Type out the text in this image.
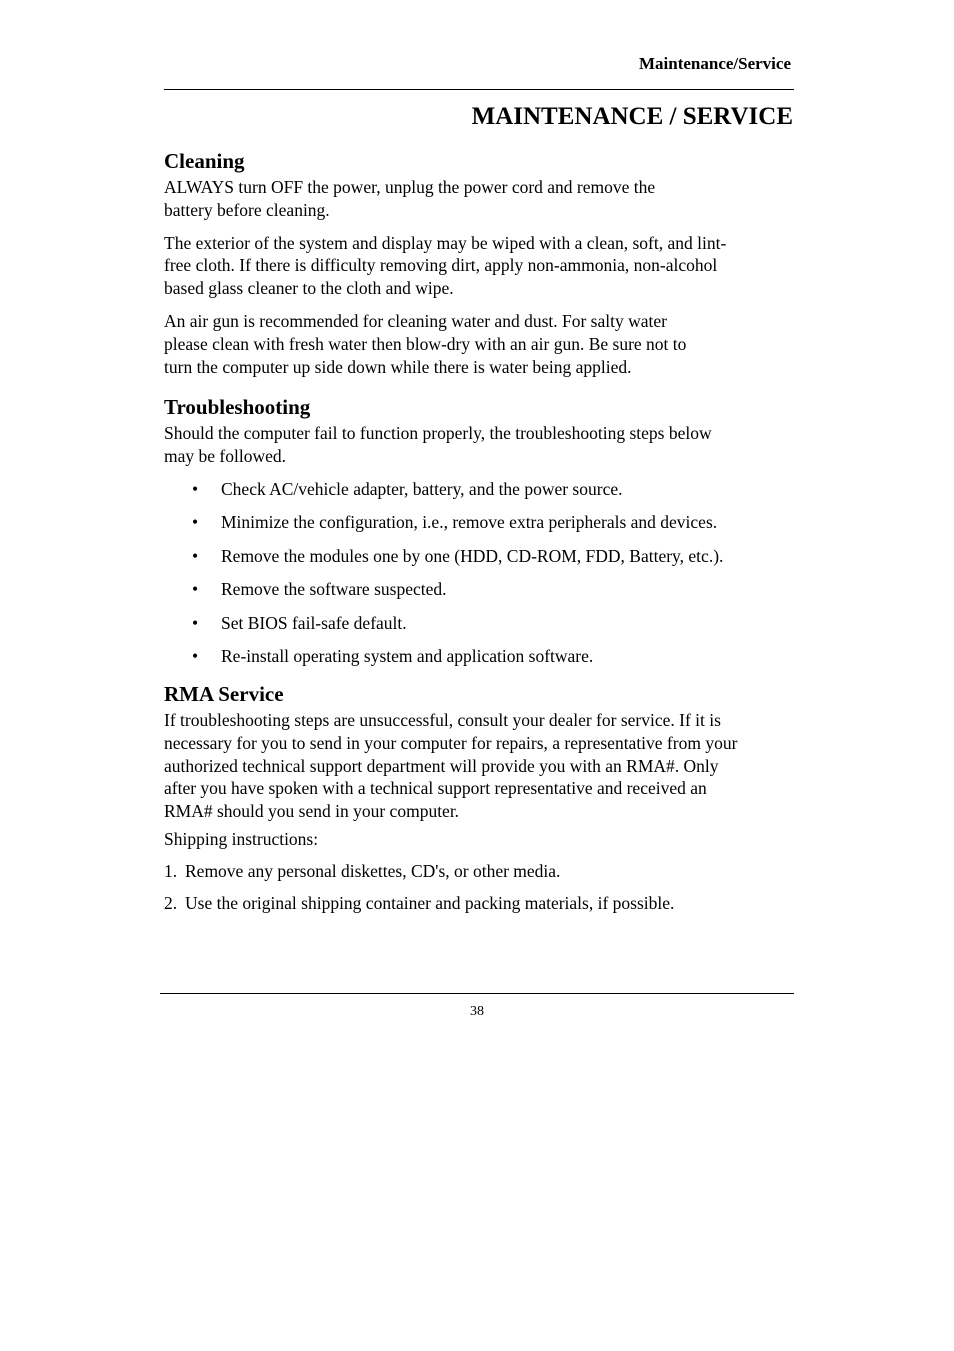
Maintenance/Service
MAINTENANCE / SERVICE
Cleaning

ALWAYS turn OFF the power, unplug the power cord and remove the
battery before cleaning.

The exterior of the system and display may be wiped with a clean, soft, and lint-
free cloth. If there is difficulty removing dirt, apply non-ammonia, non-alcohol
based glass cleaner to the cloth and wipe.

An air gun is recommended for cleaning water and dust. For salty water
please clean with fresh water then blow-dry with an air gun. Be sure not to
turn the computer up side down while there is water being applied.

Troubleshooting

Should the computer fail to function properly, the troubleshooting steps below
may be followed.

• Check AC/vehicle adapter, battery, and the power source.
• Minimize the configuration, i.e., remove extra peripherals and devices.
• Remove the modules one by one (HDD, CD-ROM, FDD, Battery, etc.).
• Remove the software suspected.
• Set BIOS fail-safe default.
• Re-install operating system and application software.
RMA Service

If troubleshooting steps are unsuccessful, consult your dealer for service. If it is
necessary for you to send in your computer for repairs, a representative from your
authorized technical support department will provide you with an RMA#. Only
after you have spoken with a technical support representative and received an
RMA# should you send in your computer.

Shipping instructions:

1. Remove any personal diskettes, CD's, or other media.
2. Use the original shipping container and packing materials, if possible.
38
